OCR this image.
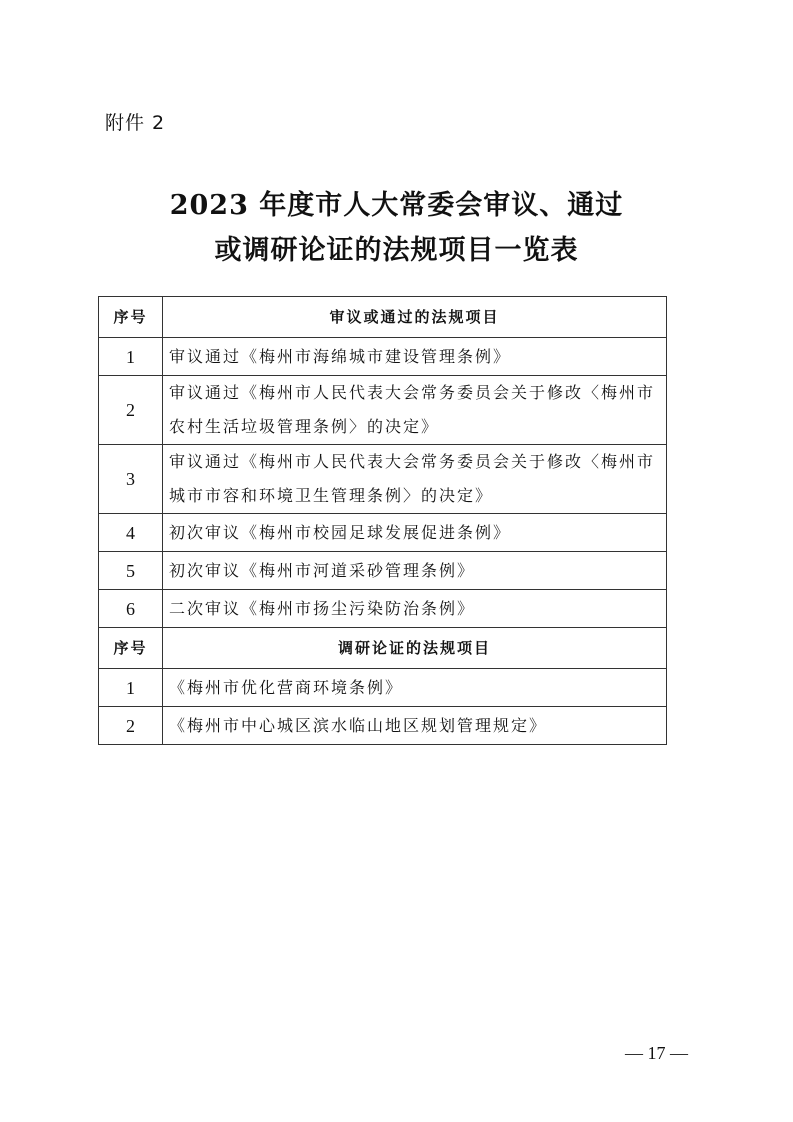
附件 2
2023 年度市人大常委会审议、通过
或调研论证的法规项目一览表
序号	审议或通过的法规项目
1	审议通过《梅州市海绵城市建设管理条例》
2	审议通过《梅州市人民代表大会常务委员会关于修改〈梅州市农村生活垃圾管理条例〉的决定》
3	审议通过《梅州市人民代表大会常务委员会关于修改〈梅州市城市市容和环境卫生管理条例〉的决定》
4	初次审议《梅州市校园足球发展促进条例》
5	初次审议《梅州市河道采砂管理条例》
6	二次审议《梅州市扬尘污染防治条例》
序号	调研论证的法规项目
1	《梅州市优化营商环境条例》
2	《梅州市中心城区滨水临山地区规划管理规定》
— 17 —
